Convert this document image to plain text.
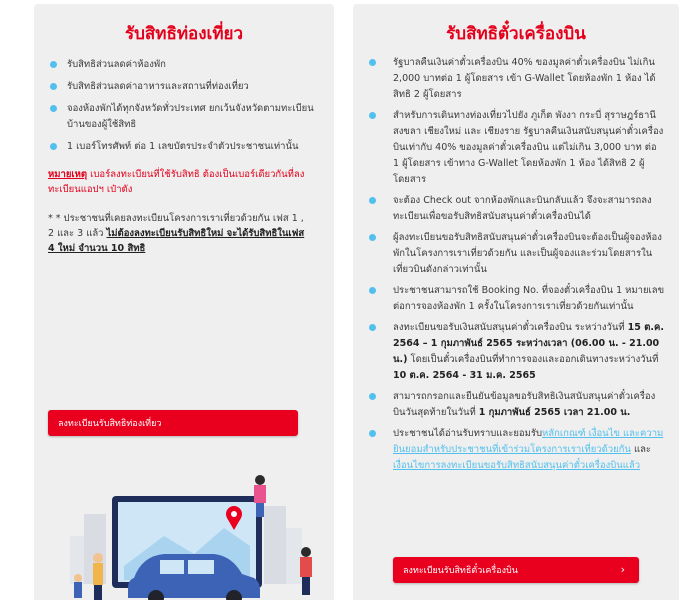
รับสิทธิท่องเที่ยว
รับสิทธิส่วนลดค่าห้องพัก
รับสิทธิส่วนลดค่าอาหารและสถานที่ท่องเที่ยว
จองห้องพักได้ทุกจังหวัดทั่วประเทศ ยกเว้นจังหวัดตามทะเบียนบ้านของผู้ใช้สิทธิ
1 เบอร์โทรศัพท์ ต่อ 1 เลขบัตรประจำตัวประชาชนเท่านั้น

หมายเหตุ เบอร์ลงทะเบียนที่ใช้รับสิทธิ ต้องเป็นเบอร์เดียวกันที่ลงทะเบียนแอปฯ เป๋าตัง

* * ประชาชนที่เคยลงทะเบียนโครงการเราเที่ยวด้วยกัน เฟส 1 , 2 และ 3 แล้ว ไม่ต้องลงทะเบียนรับสิทธิใหม่ จะได้รับสิทธิในเฟส 4 ใหม่ จำนวน 10 สิทธิ

ลงทะเบียนรับสิทธิท่องเที่ยว
รับสิทธิตั๋วเครื่องบิน
รัฐบาลคืนเงินค่าตั๋วเครื่องบิน 40% ของมูลค่าตั๋วเครื่องบิน ไม่เกิน 2,000 บาทต่อ 1 ผู้โดยสาร เข้า G-Wallet โดยห้องพัก 1 ห้อง ได้สิทธิ 2 ผู้โดยสาร
สำหรับการเดินทางท่องเที่ยวไปยัง ภูเก็ต พังงา กระบี่ สุราษฎร์ธานี สงขลา เชียงใหม่ และ เชียงราย รัฐบาลคืนเงินสนับสนุนค่าตั๋วเครื่องบินเท่ากับ 40% ของมูลค่าตั๋วเครื่องบิน แต่ไม่เกิน 3,000 บาท ต่อ 1 ผู้โดยสาร เข้าทาง G-Wallet โดยห้องพัก 1 ห้อง ได้สิทธิ 2 ผู้โดยสาร
จะต้อง Check out จากห้องพักและบินกลับแล้ว จึงจะสามารถลงทะเบียนเพื่อขอรับสิทธิสนับสนุนค่าตั๋วเครื่องบินได้
ผู้ลงทะเบียนขอรับสิทธิสนับสนุนค่าตั๋วเครื่องบินจะต้องเป็นผู้จองห้องพักในโครงการเราเที่ยวด้วยกัน และเป็นผู้จองและร่วมโดยสารในเที่ยวบินดังกล่าวเท่านั้น
ประชาชนสามารถใช้ Booking No. ที่จองตั๋วเครื่องบิน 1 หมายเลข ต่อการจองห้องพัก 1 ครั้งในโครงการเราเที่ยวด้วยกันเท่านั้น
ลงทะเบียนขอรับเงินสนับสนุนค่าตั๋วเครื่องบิน ระหว่างวันที่ 15 ต.ค. 2564 – 1 กุมภาพันธ์ 2565 ระหว่างเวลา (06.00 น. - 21.00 น.) โดยเป็นตั๋วเครื่องบินที่ทำการจองและออกเดินทางระหว่างวันที่ 10 ต.ค. 2564 - 31 ม.ค. 2565
สามารถกรอกและยืนยันข้อมูลขอรับสิทธิเงินสนับสนุนค่าตั๋วเครื่องบินวันสุดท้ายในวันที่ 1 กุมภาพันธ์ 2565 เวลา 21.00 น.
ประชาชนได้อ่านรับทราบและยอมรับหลักเกณฑ์ เงื่อนไข และความยินยอมสำหรับประชาชนที่เข้าร่วมโครงการเราเที่ยวด้วยกัน และ เงื่อนไขการลงทะเบียนขอรับสิทธิสนับสนุนค่าตั๋วเครื่องบินแล้ว
ลงทะเบียนรับสิทธิตั๋วเครื่องบิน	›
